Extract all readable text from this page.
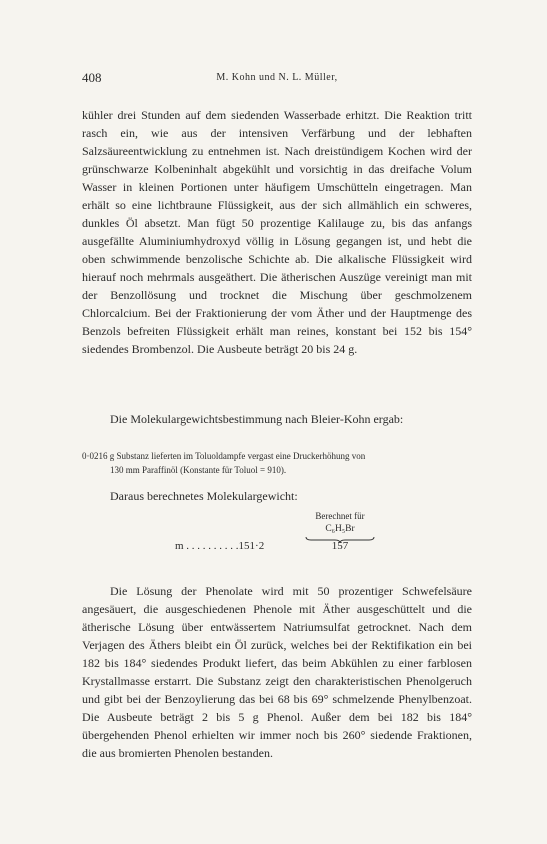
408	M. Kohn und N. L. Müller,

kühler drei Stunden auf dem siedenden Wasserbade erhitzt. Die Reaktion tritt rasch ein, wie aus der intensiven Verfärbung und der lebhaften Salzsäureentwicklung zu entnehmen ist. Nach dreistündigem Kochen wird der grünschwarze Kolbeninhalt abgekühlt und vorsichtig in das dreifache Volum Wasser in kleinen Portionen unter häufigem Umschütteln eingetragen. Man erhält so eine lichtbraune Flüssigkeit, aus der sich allmählich ein schweres, dunkles Öl absetzt. Man fügt 50 prozentige Kalilauge zu, bis das anfangs ausgefällte Aluminiumhydroxyd völlig in Lösung gegangen ist, und hebt die oben schwimmende benzolische Schichte ab. Die alkalische Flüssigkeit wird hierauf noch mehrmals ausgeäthert. Die ätherischen Auszüge vereinigt man mit der Benzollösung und trocknet die Mischung über geschmolzenem Chlorcalcium. Bei der Fraktionierung der vom Äther und der Hauptmenge des Benzols befreiten Flüssigkeit erhält man reines, konstant bei 152 bis 154° siedendes Brombenzol. Die Ausbeute beträgt 20 bis 24 g.

Die Molekulargewichtsbestimmung nach Bleier-Kohn ergab:

0·0216 g Substanz lieferten im Toluoldampfe vergast eine Druckerhöhung von
130 mm Paraffinöl (Konstante für Toluol = 910).

Daraus berechnetes Molekulargewicht:
Berechnet für
C₆H₅Br
m . . . . . . . . . .151·2	157

Die Lösung der Phenolate wird mit 50 prozentiger Schwefelsäure angesäuert, die ausgeschiedenen Phenole mit Äther ausgeschüttelt und die ätherische Lösung über entwässertem Natriumsulfat getrocknet. Nach dem Verjagen des Äthers bleibt ein Öl zurück, welches bei der Rektifikation ein bei 182 bis 184° siedendes Produkt liefert, das beim Abkühlen zu einer farblosen Krystallmasse erstarrt. Die Substanz zeigt den charakteristischen Phenolgeruch und gibt bei der Benzoylierung das bei 68 bis 69° schmelzende Phenylbenzoat. Die Ausbeute beträgt 2 bis 5 g Phenol. Außer dem bei 182 bis 184° übergehenden Phenol erhielten wir immer noch bis 260° siedende Fraktionen, die aus bromierten Phenolen bestanden.
